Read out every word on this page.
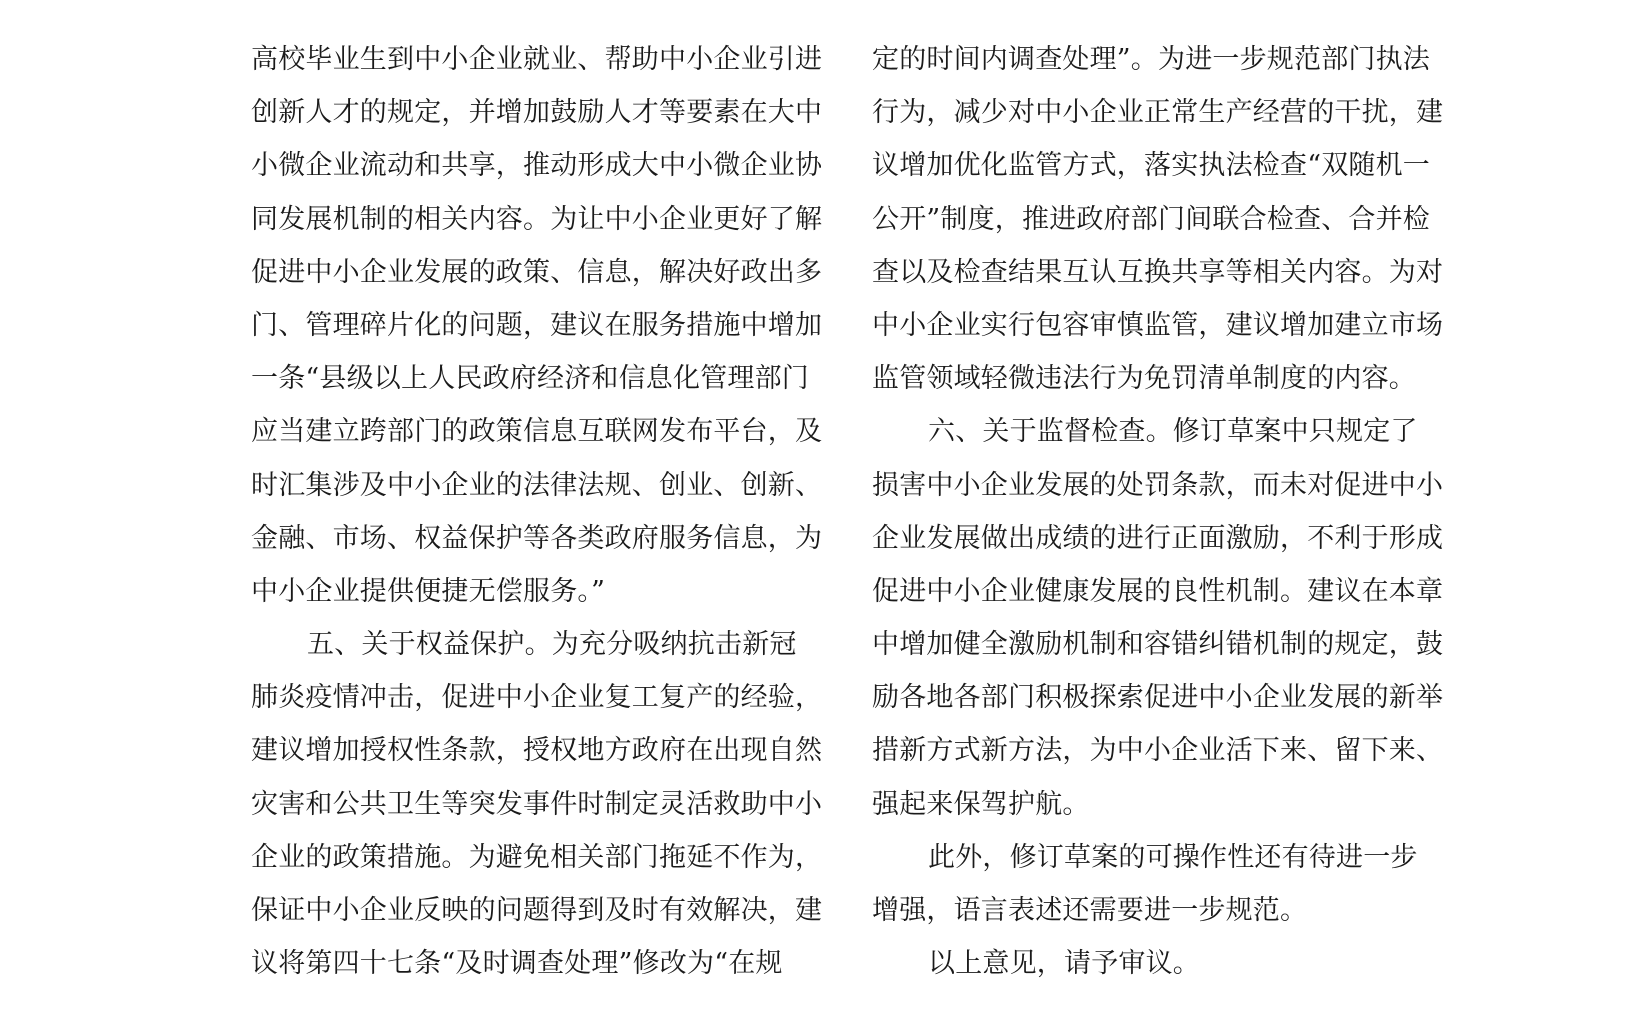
高校毕业生到中小企业就业、帮助中小企业引进
创新人才的规定，并增加鼓励人才等要素在大中
小微企业流动和共享，推动形成大中小微企业协
同发展机制的相关内容。为让中小企业更好了解
促进中小企业发展的政策、信息，解决好政出多
门、管理碎片化的问题，建议在服务措施中增加
一条“县级以上人民政府经济和信息化管理部门
应当建立跨部门的政策信息互联网发布平台，及
时汇集涉及中小企业的法律法规、创业、创新、
金融、市场、权益保护等各类政府服务信息，为
中小企业提供便捷无偿服务。”
五、关于权益保护。为充分吸纳抗击新冠
肺炎疫情冲击，促进中小企业复工复产的经验，
建议增加授权性条款，授权地方政府在出现自然
灾害和公共卫生等突发事件时制定灵活救助中小
企业的政策措施。为避免相关部门拖延不作为，
保证中小企业反映的问题得到及时有效解决，建
议将第四十七条“及时调查处理”修改为“在规
定的时间内调查处理”。为进一步规范部门执法
行为，减少对中小企业正常生产经营的干扰，建
议增加优化监管方式，落实执法检查“双随机一
公开”制度，推进政府部门间联合检查、合并检
查以及检查结果互认互换共享等相关内容。为对
中小企业实行包容审慎监管，建议增加建立市场
监管领域轻微违法行为免罚清单制度的内容。
六、关于监督检查。修订草案中只规定了
损害中小企业发展的处罚条款，而未对促进中小
企业发展做出成绩的进行正面激励，不利于形成
促进中小企业健康发展的良性机制。建议在本章
中增加健全激励机制和容错纠错机制的规定，鼓
励各地各部门积极探索促进中小企业发展的新举
措新方式新方法，为中小企业活下来、留下来、
强起来保驾护航。
此外，修订草案的可操作性还有待进一步
增强，语言表述还需要进一步规范。
以上意见，请予审议。
